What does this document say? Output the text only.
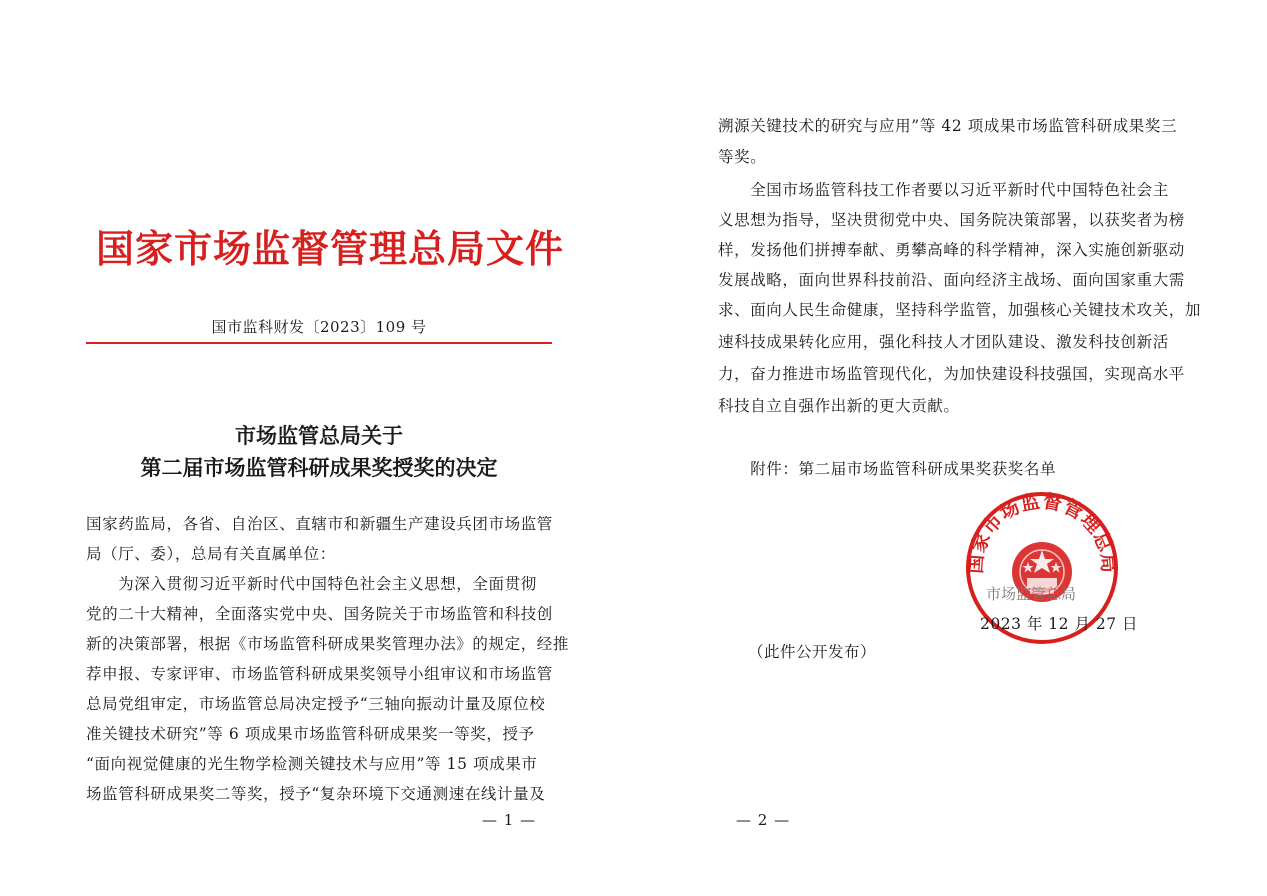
国家市场监督管理总局文件
国市监科财发〔2023〕109 号
市场监管总局关于
第二届市场监管科研成果奖授奖的决定
国家药监局，各省、自治区、直辖市和新疆生产建设兵团市场监管
局（厅、委），总局有关直属单位：
　　为深入贯彻习近平新时代中国特色社会主义思想，全面贯彻
党的二十大精神，全面落实党中央、国务院关于市场监管和科技创
新的决策部署，根据《市场监管科研成果奖管理办法》的规定，经推
荐申报、专家评审、市场监管科研成果奖领导小组审议和市场监管
总局党组审定，市场监管总局决定授予“三轴向振动计量及原位校
准关键技术研究”等 6 项成果市场监管科研成果奖一等奖，授予
“面向视觉健康的光生物学检测关键技术与应用”等 15 项成果市
场监管科研成果奖二等奖，授予“复杂环境下交通测速在线计量及
— 1 —
溯源关键技术的研究与应用”等 42 项成果市场监管科研成果奖三
等奖。
　　全国市场监管科技工作者要以习近平新时代中国特色社会主
义思想为指导，坚决贯彻党中央、国务院决策部署，以获奖者为榜
样，发扬他们拼搏奉献、勇攀高峰的科学精神，深入实施创新驱动
发展战略，面向世界科技前沿、面向经济主战场、面向国家重大需
求、面向人民生命健康，坚持科学监管，加强核心关键技术攻关，加
速科技成果转化应用，强化科技人才团队建设、激发科技创新活
力，奋力推进市场监管现代化，为加快建设科技强国，实现高水平
科技自立自强作出新的更大贡献。
　　附件：第二届市场监管科研成果奖获奖名单
国家市场监督管理总局
市场监管总局
2023 年 12 月 27 日
（此件公开发布）
— 2 —
